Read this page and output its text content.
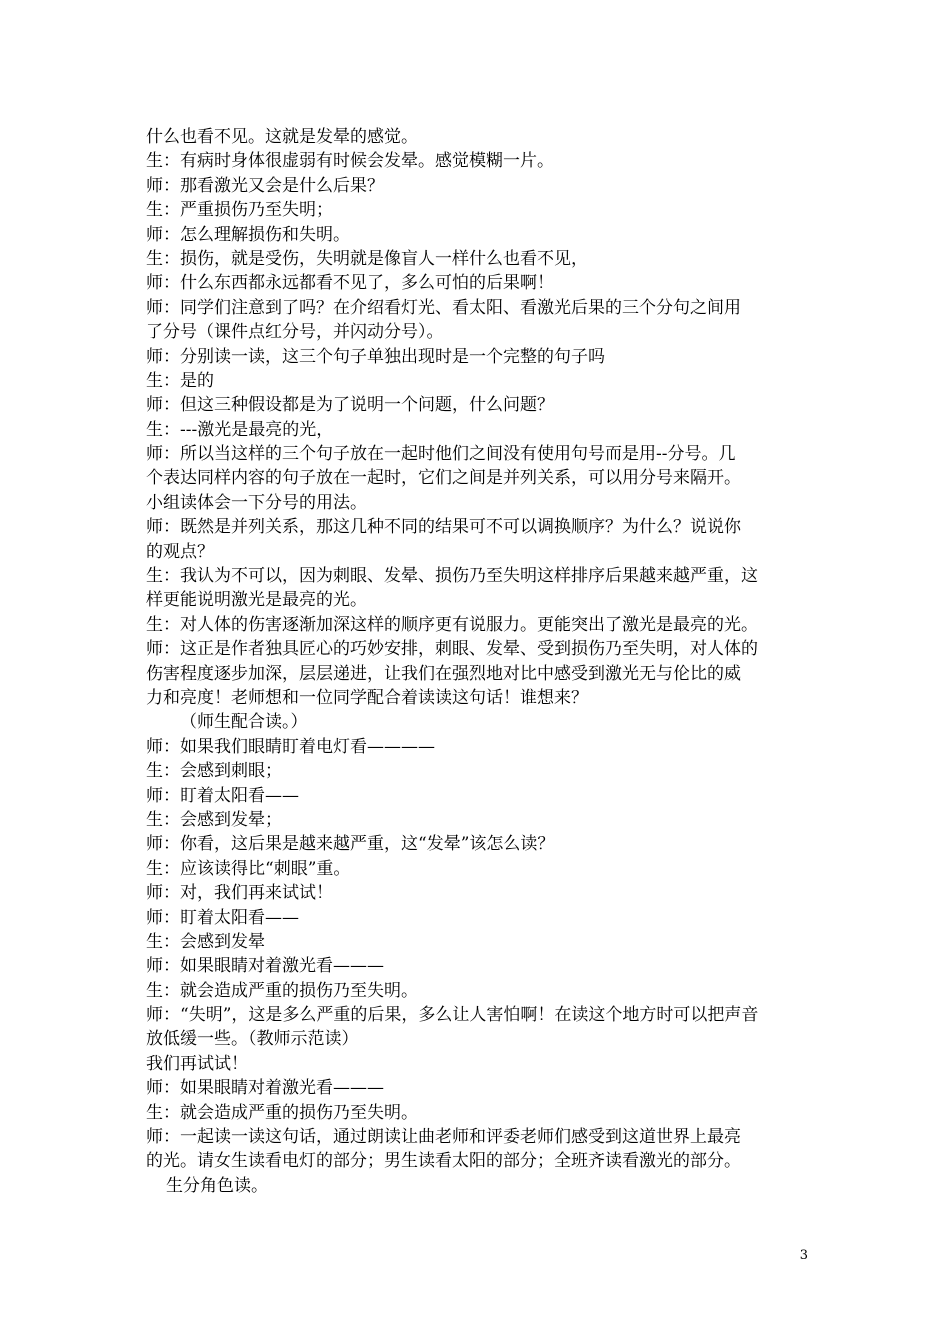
什么也看不见。这就是发晕的感觉。
生：有病时身体很虚弱有时候会发晕。感觉模糊一片。
师：那看激光又会是什么后果？
生：严重损伤乃至失明；
师：怎么理解损伤和失明。
生：损伤，就是受伤，失明就是像盲人一样什么也看不见，
师：什么东西都永远都看不见了，多么可怕的后果啊！
师：同学们注意到了吗？在介绍看灯光、看太阳、看激光后果的三个分句之间用
了分号（课件点红分号，并闪动分号）。
师：分别读一读，这三个句子单独出现时是一个完整的句子吗
生：是的
师：但这三种假设都是为了说明一个问题，什么问题？
生：---激光是最亮的光，
师：所以当这样的三个句子放在一起时他们之间没有使用句号而是用--分号。几
个表达同样内容的句子放在一起时，它们之间是并列关系，可以用分号来隔开。
小组读体会一下分号的用法。
师：既然是并列关系，那这几种不同的结果可不可以调换顺序？为什么？说说你
的观点？
生：我认为不可以，因为刺眼、发晕、损伤乃至失明这样排序后果越来越严重，这
样更能说明激光是最亮的光。
生：对人体的伤害逐渐加深这样的顺序更有说服力。更能突出了激光是最亮的光。
师：这正是作者独具匠心的巧妙安排，刺眼、发晕、受到损伤乃至失明，对人体的
伤害程度逐步加深，层层递进，让我们在强烈地对比中感受到激光无与伦比的威
力和亮度！老师想和一位同学配合着读读这句话！谁想来？
（师生配合读。）
师：如果我们眼睛盯着电灯看————
生：会感到刺眼；
师：盯着太阳看——
生：会感到发晕；
师：你看，这后果是越来越严重，这“发晕”该怎么读？
生：应该读得比“刺眼”重。
师：对，我们再来试试！
师：盯着太阳看——
生：会感到发晕
师：如果眼睛对着激光看———
生：就会造成严重的损伤乃至失明。
师：“失明”，这是多么严重的后果，多么让人害怕啊！在读这个地方时可以把声音
放低缓一些。（教师示范读）
我们再试试！
师：如果眼睛对着激光看———
生：就会造成严重的损伤乃至失明。
师：一起读一读这句话，通过朗读让曲老师和评委老师们感受到这道世界上最亮
的光。请女生读看电灯的部分；男生读看太阳的部分；全班齐读看激光的部分。
生分角色读。
3
